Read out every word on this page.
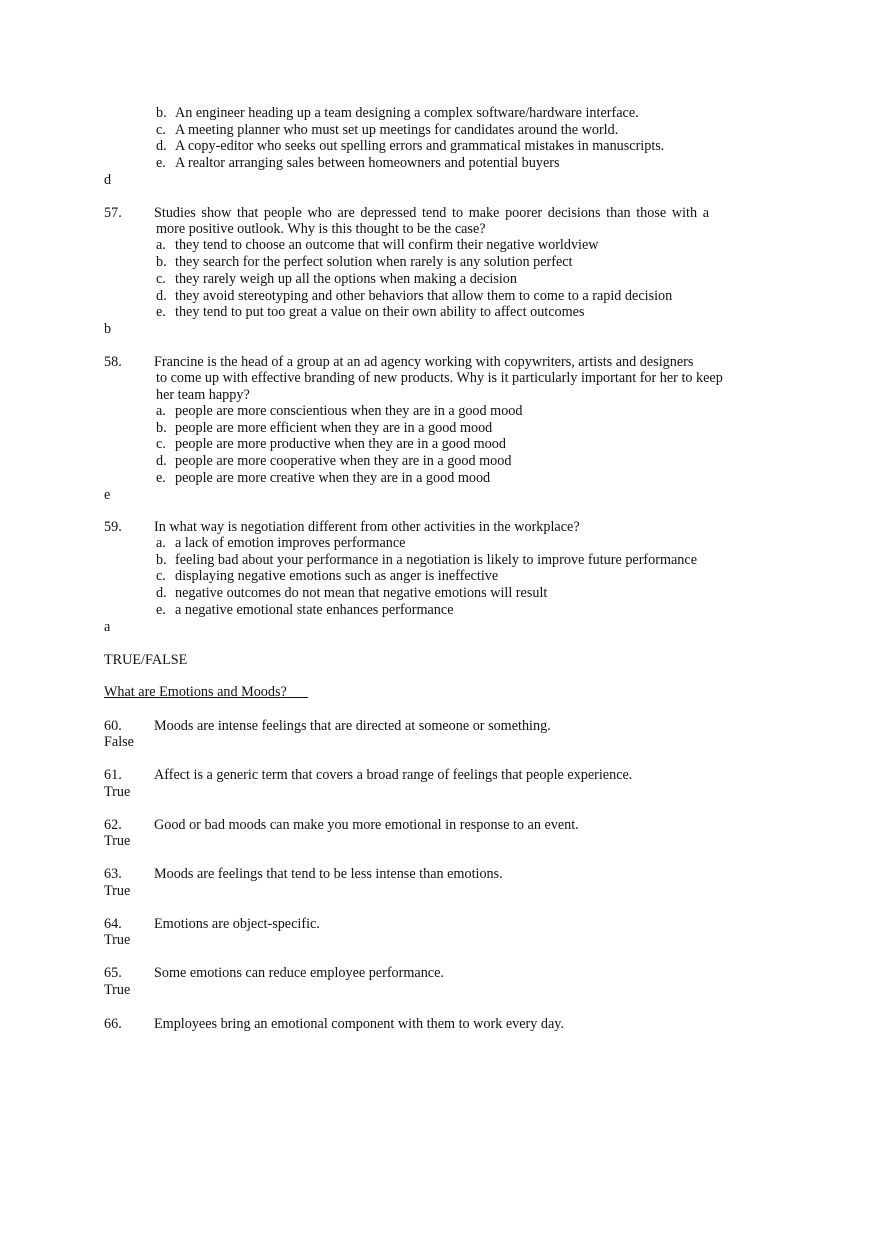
b. An engineer heading up a team designing a complex software/hardware interface.
c. A meeting planner who must set up meetings for candidates around the world.
d. A copy-editor who seeks out spelling errors and grammatical mistakes in manuscripts.
e. A realtor arranging sales between homeowners and potential buyers
d
57. Studies show that people who are depressed tend to make poorer decisions than those with a
more positive outlook. Why is this thought to be the case?
a. they tend to choose an outcome that will confirm their negative worldview
b. they search for the perfect solution when rarely is any solution perfect
c. they rarely weigh up all the options when making a decision
d. they avoid stereotyping and other behaviors that allow them to come to a rapid decision
e. they tend to put too great a value on their own ability to affect outcomes
b
58. Francine is the head of a group at an ad agency working with copywriters, artists and designers
to come up with effective branding of new products. Why is it particularly important for her to keep
her team happy?
a. people are more conscientious when they are in a good mood
b. people are more efficient when they are in a good mood
c. people are more productive when they are in a good mood
d. people are more cooperative when they are in a good mood
e. people are more creative when they are in a good mood
e
59. In what way is negotiation different from other activities in the workplace?
a. a lack of emotion improves performance
b. feeling bad about your performance in a negotiation is likely to improve future performance
c. displaying negative emotions such as anger is ineffective
d. negative outcomes do not mean that negative emotions will result
e. a negative emotional state enhances performance
a
TRUE/FALSE
What are Emotions and Moods?
60. Moods are intense feelings that are directed at someone or something.
False
61. Affect is a generic term that covers a broad range of feelings that people experience.
True
62. Good or bad moods can make you more emotional in response to an event.
True
63. Moods are feelings that tend to be less intense than emotions.
True
64. Emotions are object-specific.
True
65. Some emotions can reduce employee performance.
True
66. Employees bring an emotional component with them to work every day.
